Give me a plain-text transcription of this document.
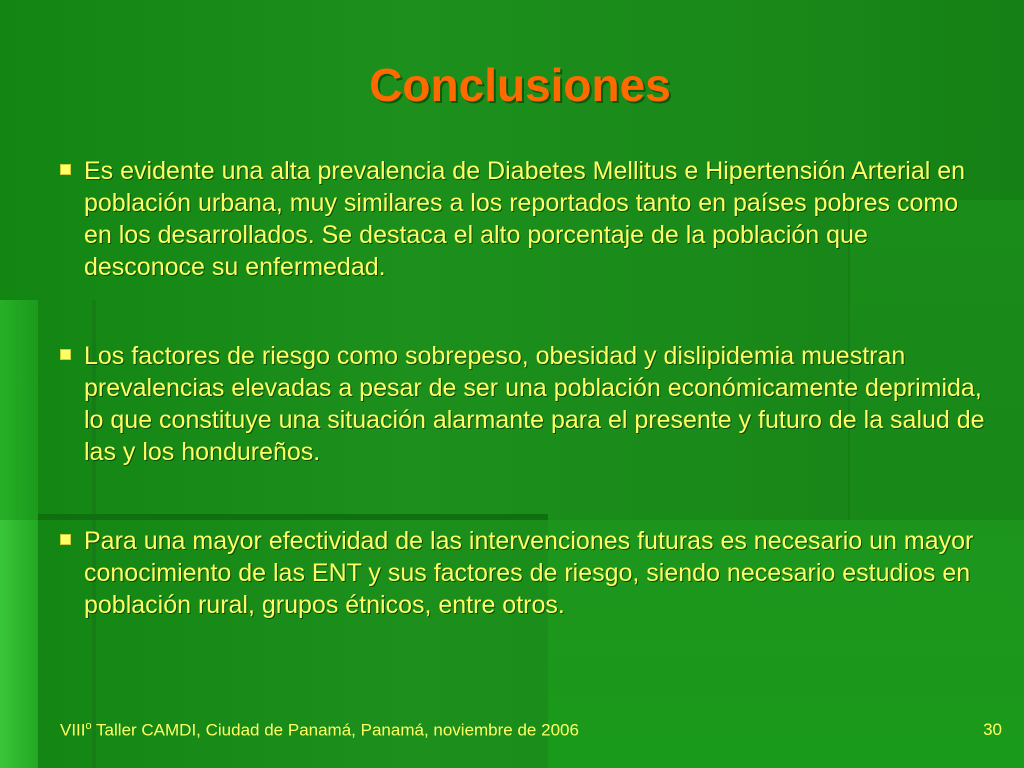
Conclusiones
Es evidente una alta prevalencia de Diabetes Mellitus e Hipertensión Arterial en población urbana, muy similares a los reportados tanto en países pobres como en los desarrollados. Se destaca el alto porcentaje de la población que desconoce su enfermedad.
Los factores de riesgo como sobrepeso, obesidad y dislipidemia muestran prevalencias elevadas a pesar de ser una población económicamente deprimida, lo que constituye una situación alarmante para el presente y futuro de la salud de las y los hondureños.
Para una mayor efectividad de las intervenciones futuras es necesario un mayor conocimiento de las ENT y sus factores de riesgo, siendo necesario estudios en población rural, grupos étnicos, entre otros.
VIII$^o$ Taller CAMDI, Ciudad de Panamá, Panamá, noviembre de 2006	30
